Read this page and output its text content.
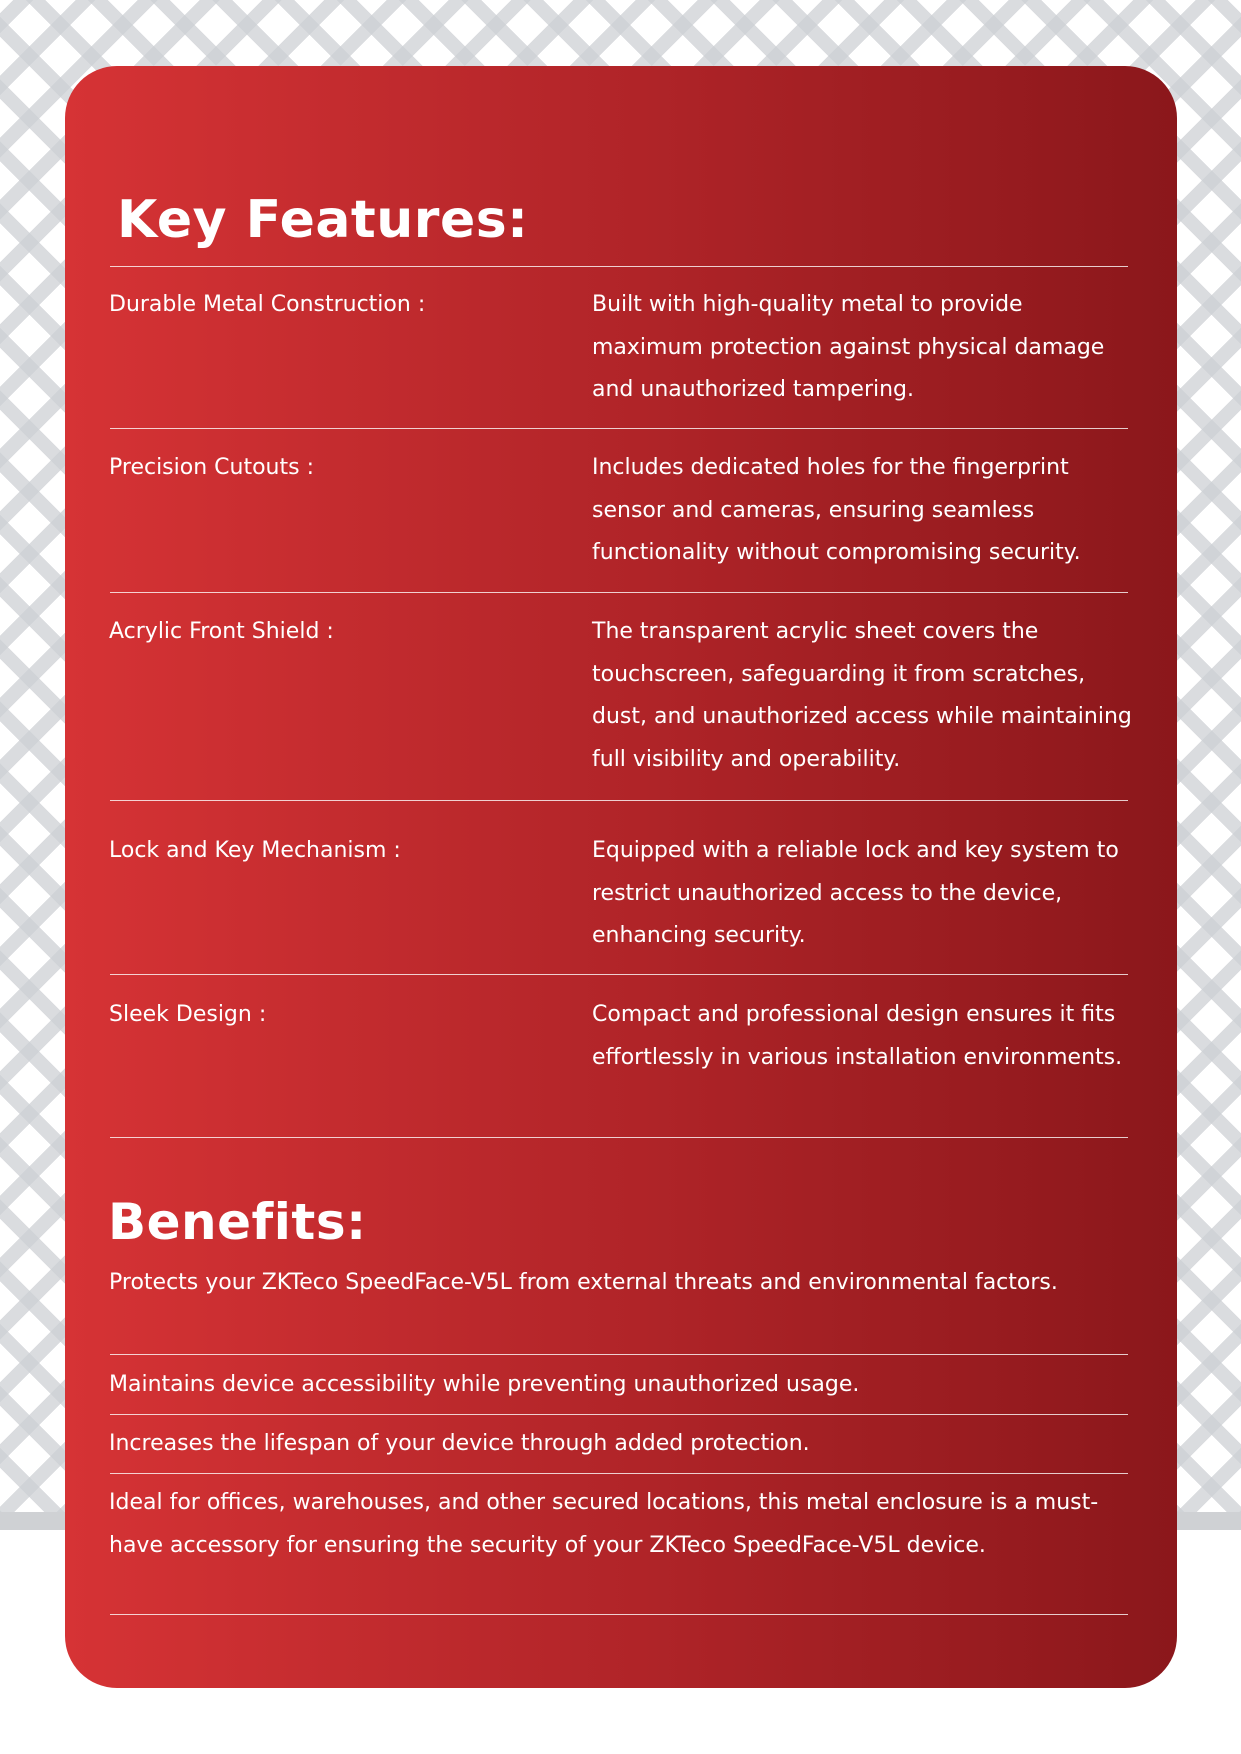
Key Features:

Durable Metal Construction :	Built with high-quality metal to provide maximum protection against physical damage and unauthorized tampering.

Precision Cutouts :	Includes dedicated holes for the fingerprint sensor and cameras, ensuring seamless functionality without compromising security.

Acrylic Front Shield :	The transparent acrylic sheet covers the touchscreen, safeguarding it from scratches, dust, and unauthorized access while maintaining full visibility and operability.

Lock and Key Mechanism :	Equipped with a reliable lock and key system to restrict unauthorized access to the device, enhancing security.

Sleek Design :	Compact and professional design ensures it fits effortlessly in various installation environments.

Benefits:

Protects your ZKTeco SpeedFace-V5L from external threats and environmental factors.

Maintains device accessibility while preventing unauthorized usage.

Increases the lifespan of your device through added protection.

Ideal for offices, warehouses, and other secured locations, this metal enclosure is a must-have accessory for ensuring the security of your ZKTeco SpeedFace-V5L device.
